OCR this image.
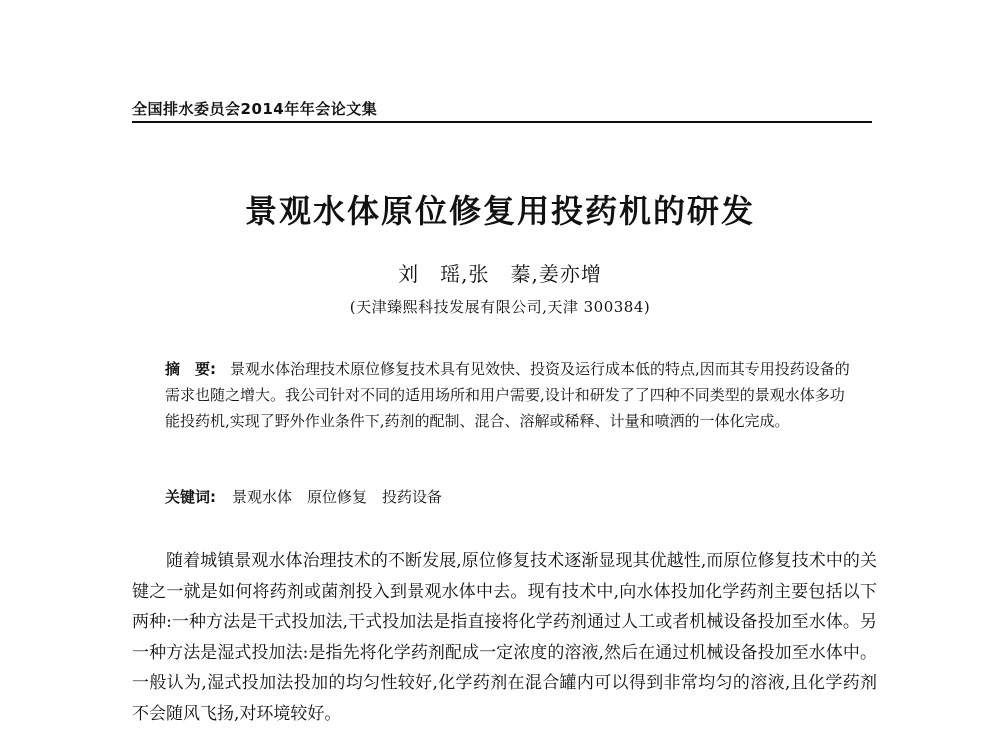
全国排水委员会2014年年会论文集
景观水体原位修复用投药机的研发
刘　瑶,张　蓁,姜亦增
(天津臻熙科技发展有限公司,天津 300384)
摘　要: 景观水体治理技术原位修复技术具有见效快、投资及运行成本低的特点,因而其专用投药设备的需求也随之增大。我公司针对不同的适用场所和用户需要,设计和研发了了四种不同类型的景观水体多功能投药机,实现了野外作业条件下,药剂的配制、混合、溶解或稀释、计量和喷洒的一体化完成。
关键词: 景观水体　原位修复　投药设备
随着城镇景观水体治理技术的不断发展,原位修复技术逐渐显现其优越性,而原位修复技术中的关键之一就是如何将药剂或菌剂投入到景观水体中去。现有技术中,向水体投加化学药剂主要包括以下两种:一种方法是干式投加法,干式投加法是指直接将化学药剂通过人工或者机械设备投加至水体。另一种方法是湿式投加法:是指先将化学药剂配成一定浓度的溶液,然后在通过机械设备投加至水体中。一般认为,湿式投加法投加的均匀性较好,化学药剂在混合罐内可以得到非常均匀的溶液,且化学药剂不会随风飞扬,对环境较好。
